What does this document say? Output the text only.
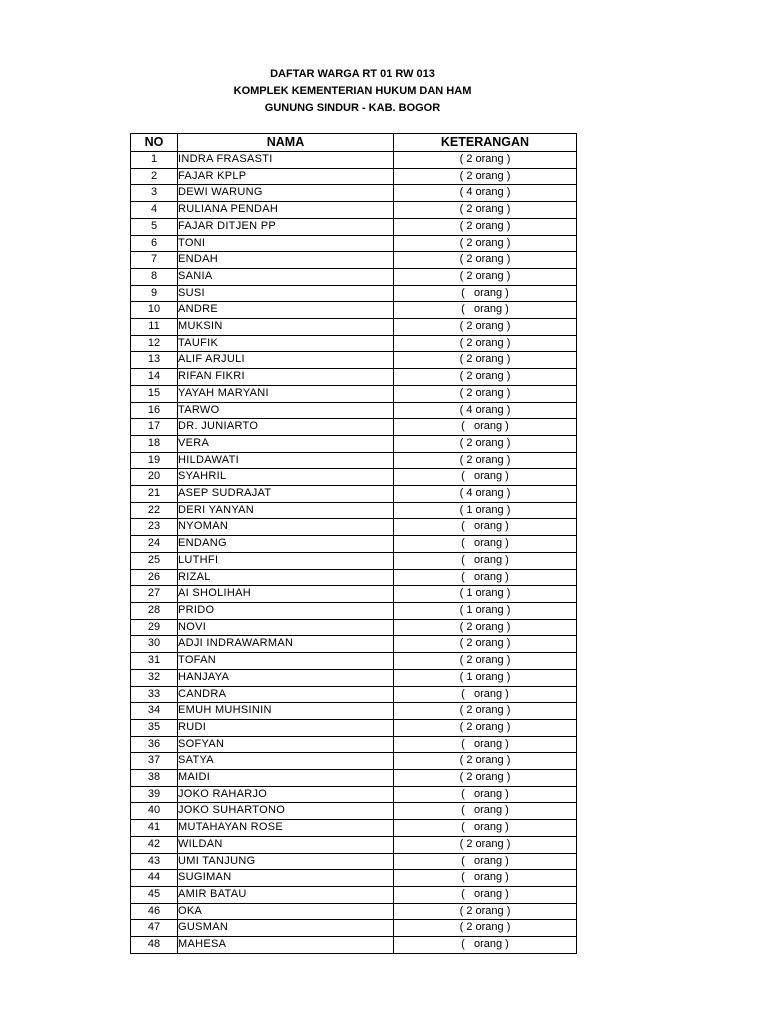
DAFTAR WARGA RT 01 RW 013
KOMPLEK KEMENTERIAN HUKUM DAN HAM
GUNUNG SINDUR - KAB. BOGOR
NO	NAMA	KETERANGAN
1	INDRA FRASASTI	( 2 orang )
2	FAJAR KPLP	( 2 orang )
3	DEWI WARUNG	( 4 orang )
4	RULIANA PENDAH	( 2 orang )
5	FAJAR DITJEN PP	( 2 orang )
6	TONI	( 2 orang )
7	ENDAH	( 2 orang )
8	SANIA	( 2 orang )
9	SUSI	(   orang )
10	ANDRE	(   orang )
11	MUKSIN	( 2 orang )
12	TAUFIK	( 2 orang )
13	ALIF ARJULI	( 2 orang )
14	RIFAN FIKRI	( 2 orang )
15	YAYAH MARYANI	( 2 orang )
16	TARWO	( 4 orang )
17	DR. JUNIARTO	(   orang )
18	VERA	( 2 orang )
19	HILDAWATI	( 2 orang )
20	SYAHRIL	(   orang )
21	ASEP SUDRAJAT	( 4 orang )
22	DERI YANYAN	( 1 orang )
23	NYOMAN	(   orang )
24	ENDANG	(   orang )
25	LUTHFI	(   orang )
26	RIZAL	(   orang )
27	AI SHOLIHAH	( 1 orang )
28	PRIDO	( 1 orang )
29	NOVI	( 2 orang )
30	ADJI INDRAWARMAN	( 2 orang )
31	TOFAN	( 2 orang )
32	HANJAYA	( 1 orang )
33	CANDRA	(   orang )
34	EMUH MUHSININ	( 2 orang )
35	RUDI	( 2 orang )
36	SOFYAN	(   orang )
37	SATYA	( 2 orang )
38	MAIDI	( 2 orang )
39	JOKO RAHARJO	(   orang )
40	JOKO SUHARTONO	(   orang )
41	MUTAHAYAN ROSE	(   orang )
42	WILDAN	( 2 orang )
43	UMI TANJUNG	(   orang )
44	SUGIMAN	(   orang )
45	AMIR BATAU	(   orang )
46	OKA	( 2 orang )
47	GUSMAN	( 2 orang )
48	MAHESA	(   orang )
